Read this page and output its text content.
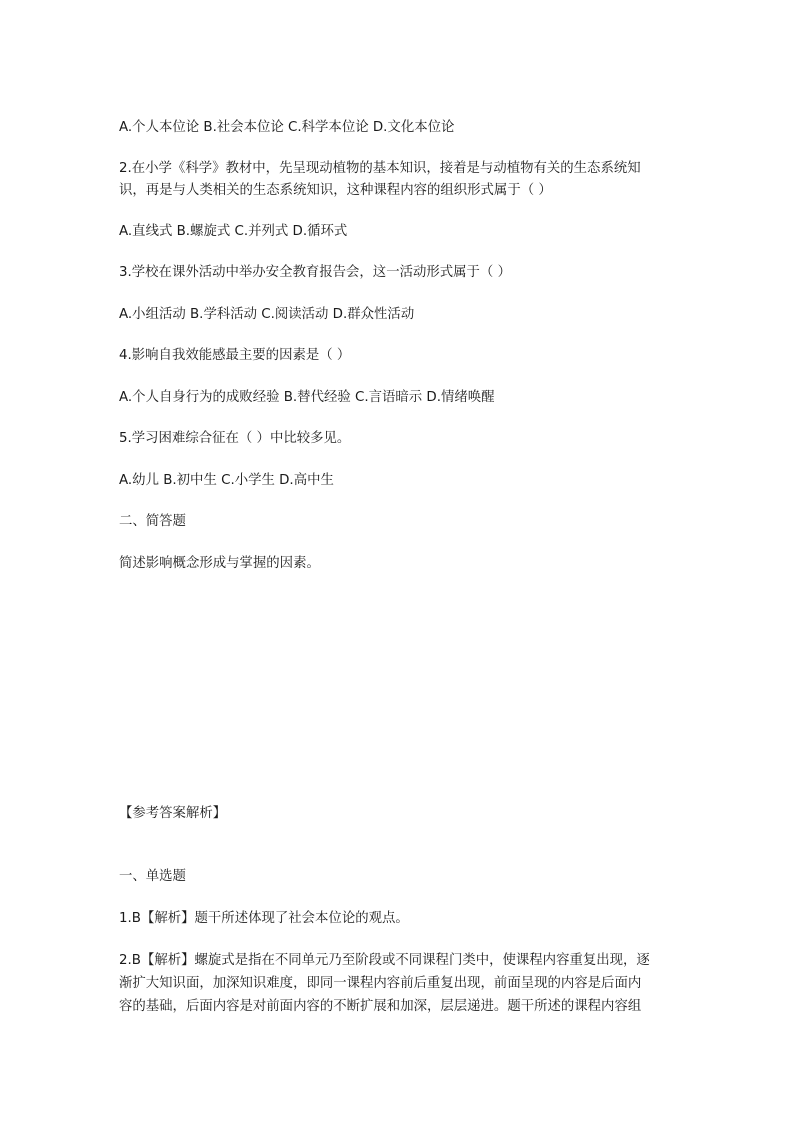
A.个人本位论 B.社会本位论 C.科学本位论 D.文化本位论
2.在小学《科学》教材中，先呈现动植物的基本知识，接着是与动植物有关的生态系统知
识，再是与人类相关的生态系统知识，这种课程内容的组织形式属于（ ）
A.直线式 B.螺旋式 C.并列式 D.循环式
3.学校在课外活动中举办安全教育报告会，这一活动形式属于（ ）
A.小组活动 B.学科活动 C.阅读活动 D.群众性活动
4.影响自我效能感最主要的因素是（ ）
A.个人自身行为的成败经验 B.替代经验 C.言语暗示 D.情绪唤醒
5.学习困难综合征在（ ）中比较多见。
A.幼儿 B.初中生 C.小学生 D.高中生
二、简答题
简述影响概念形成与掌握的因素。
【参考答案解析】
一、单选题
1.B【解析】题干所述体现了社会本位论的观点。
2.B【解析】螺旋式是指在不同单元乃至阶段或不同课程门类中，使课程内容重复出现，逐
渐扩大知识面，加深知识难度，即同一课程内容前后重复出现，前面呈现的内容是后面内
容的基础，后面内容是对前面内容的不断扩展和加深，层层递进。题干所述的课程内容组
